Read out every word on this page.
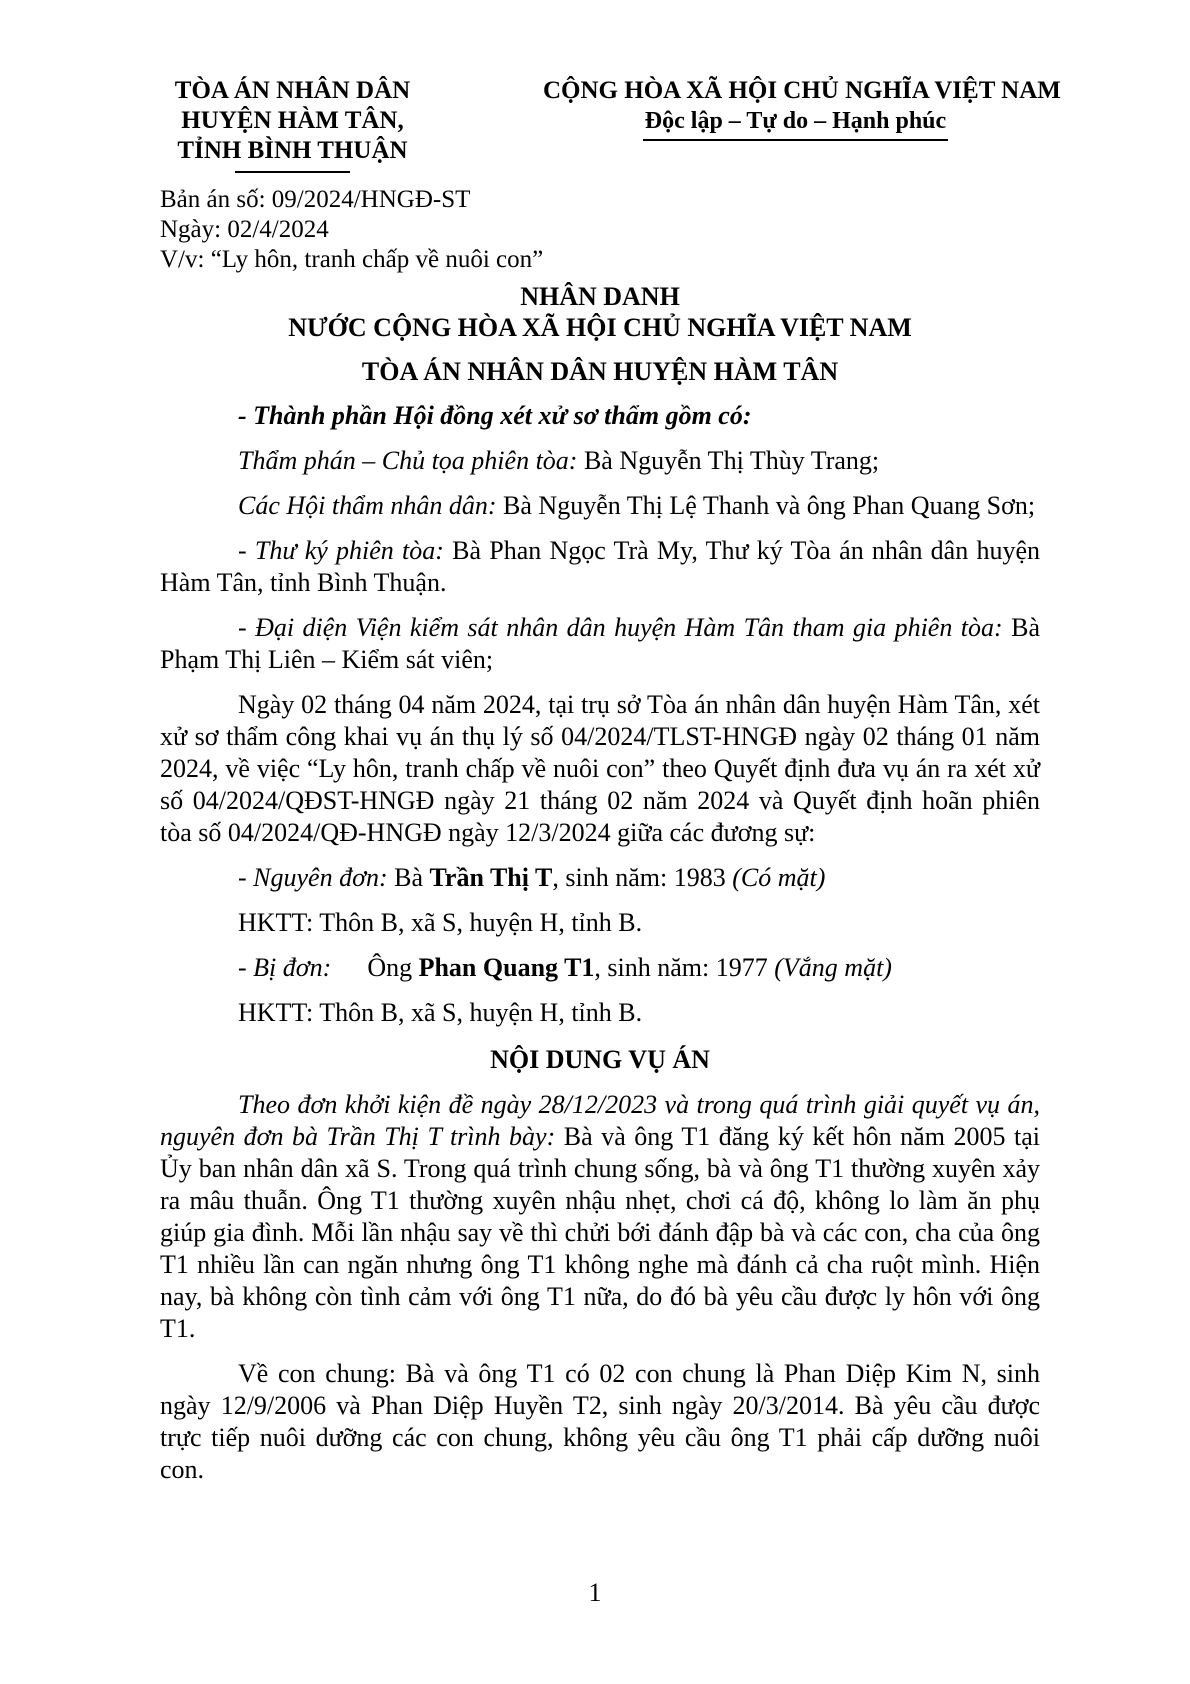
TÒA ÁN NHÂN DÂN
HUYỆN HÀM TÂN,
TỈNH BÌNH THUẬN
CỘNG HÒA XÃ HỘI CHỦ NGHĨA VIỆT NAM
Độc lập – Tự do – Hạnh phúc
Bản án số: 09/2024/HNGĐ-ST
Ngày: 02/4/2024
V/v: “Ly hôn, tranh chấp về nuôi con”
NHÂN DANH
NƯỚC CỘNG HÒA XÃ HỘI CHỦ NGHĨA VIỆT NAM
TÒA ÁN NHÂN DÂN HUYỆN HÀM TÂN

- Thành phần Hội đồng xét xử sơ thẩm gồm có:

Thẩm phán – Chủ tọa phiên tòa: Bà Nguyễn Thị Thùy Trang;

Các Hội thẩm nhân dân: Bà Nguyễn Thị Lệ Thanh và ông Phan Quang Sơn;

- Thư ký phiên tòa: Bà Phan Ngọc Trà My, Thư ký Tòa án nhân dân huyện Hàm Tân, tỉnh Bình Thuận.

- Đại diện Viện kiểm sát nhân dân huyện Hàm Tân tham gia phiên tòa: Bà Phạm Thị Liên – Kiểm sát viên;

Ngày 02 tháng 04 năm 2024, tại trụ sở Tòa án nhân dân huyện Hàm Tân, xét xử sơ thẩm công khai vụ án thụ lý số 04/2024/TLST-HNGĐ ngày 02 tháng 01 năm 2024, về việc “Ly hôn, tranh chấp về nuôi con” theo Quyết định đưa vụ án ra xét xử số 04/2024/QĐST-HNGĐ ngày 21 tháng 02 năm 2024 và Quyết định hoãn phiên tòa số 04/2024/QĐ-HNGĐ ngày 12/3/2024 giữa các đương sự:

- Nguyên đơn: Bà Trần Thị T, sinh năm: 1983 (Có mặt)

HKTT: Thôn B, xã S, huyện H, tỉnh B.

- Bị đơn: Ông Phan Quang T1, sinh năm: 1977 (Vắng mặt)

HKTT: Thôn B, xã S, huyện H, tỉnh B.

NỘI DUNG VỤ ÁN

Theo đơn khởi kiện đề ngày 28/12/2023 và trong quá trình giải quyết vụ án, nguyên đơn bà Trần Thị T trình bày: Bà và ông T1 đăng ký kết hôn năm 2005 tại Ủy ban nhân dân xã S. Trong quá trình chung sống, bà và ông T1 thường xuyên xảy ra mâu thuẫn. Ông T1 thường xuyên nhậu nhẹt, chơi cá độ, không lo làm ăn phụ giúp gia đình. Mỗi lần nhậu say về thì chửi bới đánh đập bà và các con, cha của ông T1 nhiều lần can ngăn nhưng ông T1 không nghe mà đánh cả cha ruột mình. Hiện nay, bà không còn tình cảm với ông T1 nữa, do đó bà yêu cầu được ly hôn với ông T1.

Về con chung: Bà và ông T1 có 02 con chung là Phan Diệp Kim N, sinh ngày 12/9/2006 và Phan Diệp Huyền T2, sinh ngày 20/3/2014. Bà yêu cầu được trực tiếp nuôi dưỡng các con chung, không yêu cầu ông T1 phải cấp dưỡng nuôi con.

1
